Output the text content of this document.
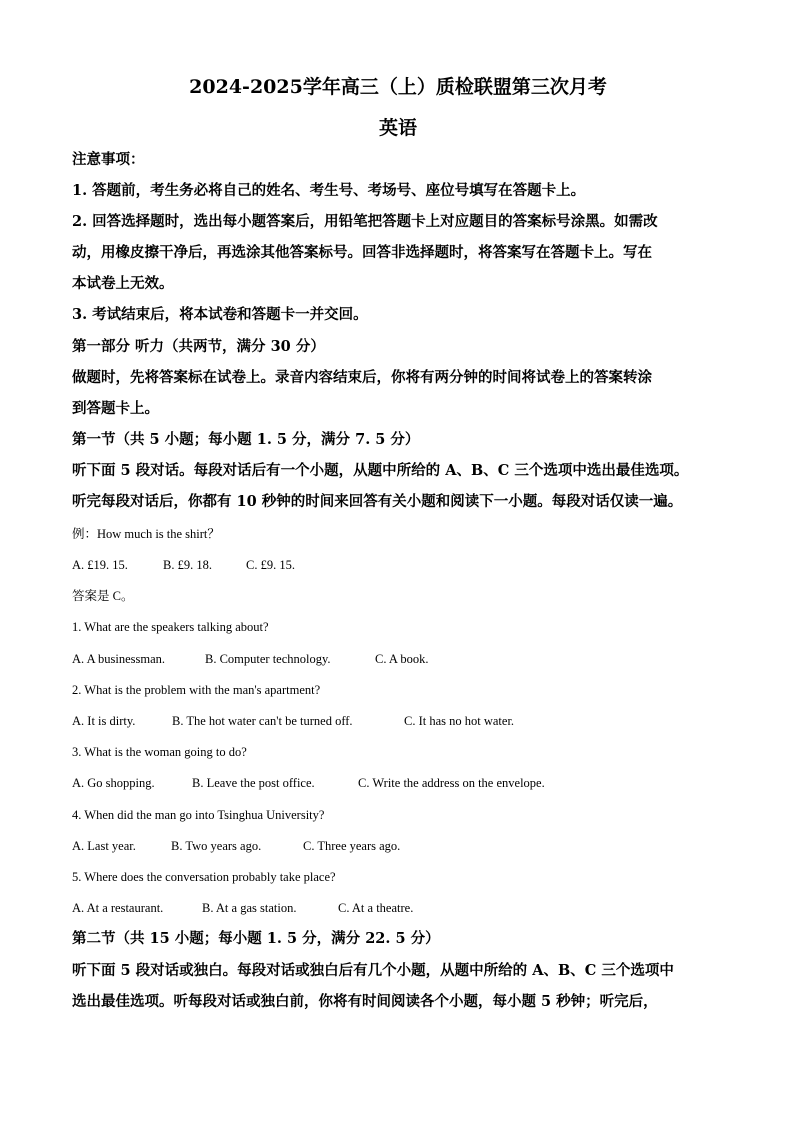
2024-2025学年高三（上）质检联盟第三次月考
英语
注意事项：
1. 答题前，考生务必将自己的姓名、考生号、考场号、座位号填写在答题卡上。
2. 回答选择题时，选出每小题答案后，用铅笔把答题卡上对应题目的答案标号涂黑。如需改
动，用橡皮擦干净后，再选涂其他答案标号。回答非选择题时，将答案写在答题卡上。写在
本试卷上无效。
3. 考试结束后，将本试卷和答题卡一并交回。
第一部分 听力（共两节，满分 30 分）
做题时，先将答案标在试卷上。录音内容结束后，你将有两分钟的时间将试卷上的答案转涂
到答题卡上。
第一节（共 5 小题；每小题 1. 5 分，满分 7. 5 分）
听下面 5 段对话。每段对话后有一个小题，从题中所给的 A、B、C 三个选项中选出最佳选项。
听完每段对话后，你都有 10 秒钟的时间来回答有关小题和阅读下一小题。每段对话仅读一遍。
例：How much is the shirt？
A. £19. 15.	B. £9. 18.	C. £9. 15.
答案是 C。
1. What are the speakers talking about?
A. A businessman.	B. Computer technology.	C. A book.
2. What is the problem with the man's apartment?
A. It is dirty.	B. The hot water can't be turned off.	C. It has no hot water.
3. What is the woman going to do?
A. Go shopping.	B. Leave the post office.	C. Write the address on the envelope.
4. When did the man go into Tsinghua University?
A. Last year.	B. Two years ago.	C. Three years ago.
5. Where does the conversation probably take place?
A. At a restaurant.	B. At a gas station.	C. At a theatre.
第二节（共 15 小题；每小题 1. 5 分，满分 22. 5 分）
听下面 5 段对话或独白。每段对话或独白后有几个小题，从题中所给的 A、B、C 三个选项中
选出最佳选项。听每段对话或独白前，你将有时间阅读各个小题，每小题 5 秒钟；听完后，
